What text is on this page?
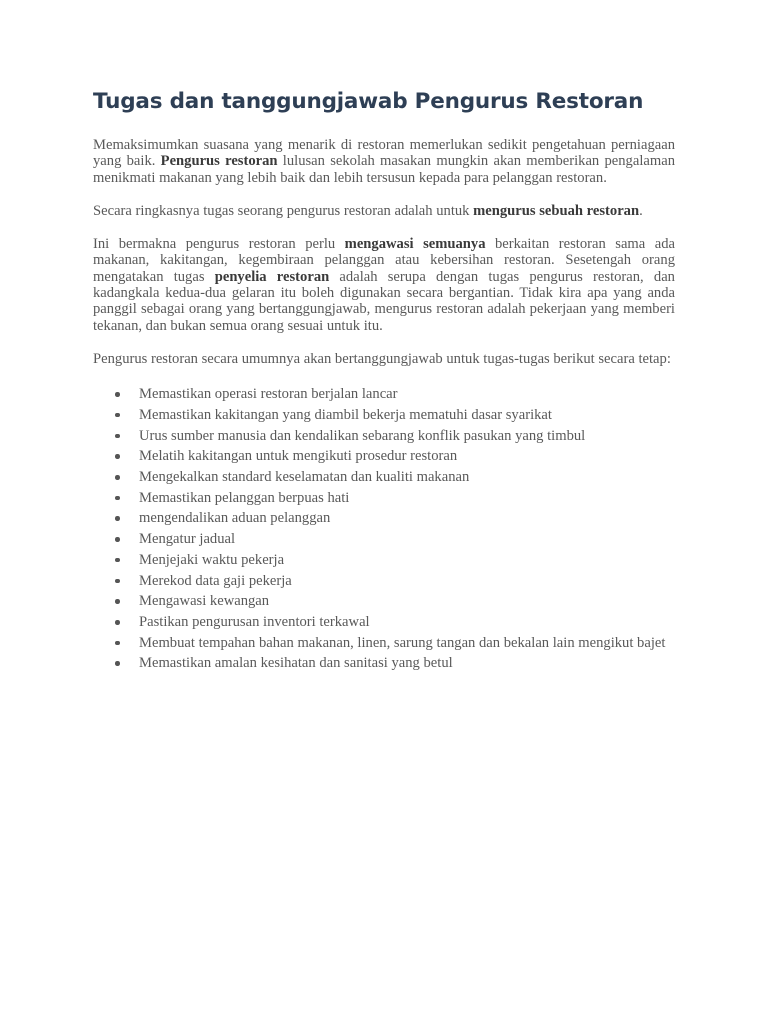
Tugas dan tanggungjawab Pengurus Restoran

Memaksimumkan suasana yang menarik di restoran memerlukan sedikit pengetahuan perniagaan yang baik. Pengurus restoran lulusan sekolah masakan mungkin akan memberikan pengalaman menikmati makanan yang lebih baik dan lebih tersusun kepada para pelanggan restoran.

Secara ringkasnya tugas seorang pengurus restoran adalah untuk mengurus sebuah restoran.

Ini bermakna pengurus restoran perlu mengawasi semuanya berkaitan restoran sama ada makanan, kakitangan, kegembiraan pelanggan atau kebersihan restoran. Sesetengah orang mengatakan tugas penyelia restoran adalah serupa dengan tugas pengurus restoran, dan kadangkala kedua-dua gelaran itu boleh digunakan secara bergantian. Tidak kira apa yang anda panggil sebagai orang yang bertanggungjawab, mengurus restoran adalah pekerjaan yang memberi tekanan, dan bukan semua orang sesuai untuk itu.

Pengurus restoran secara umumnya akan bertanggungjawab untuk tugas-tugas berikut secara tetap:

Memastikan operasi restoran berjalan lancar
Memastikan kakitangan yang diambil bekerja mematuhi dasar syarikat
Urus sumber manusia dan kendalikan sebarang konflik pasukan yang timbul
Melatih kakitangan untuk mengikuti prosedur restoran
Mengekalkan standard keselamatan dan kualiti makanan
Memastikan pelanggan berpuas hati
mengendalikan aduan pelanggan
Mengatur jadual
Menjejaki waktu pekerja
Merekod data gaji pekerja
Mengawasi kewangan
Pastikan pengurusan inventori terkawal
Membuat tempahan bahan makanan, linen, sarung tangan dan bekalan lain mengikut bajet
Memastikan amalan kesihatan dan sanitasi yang betul
